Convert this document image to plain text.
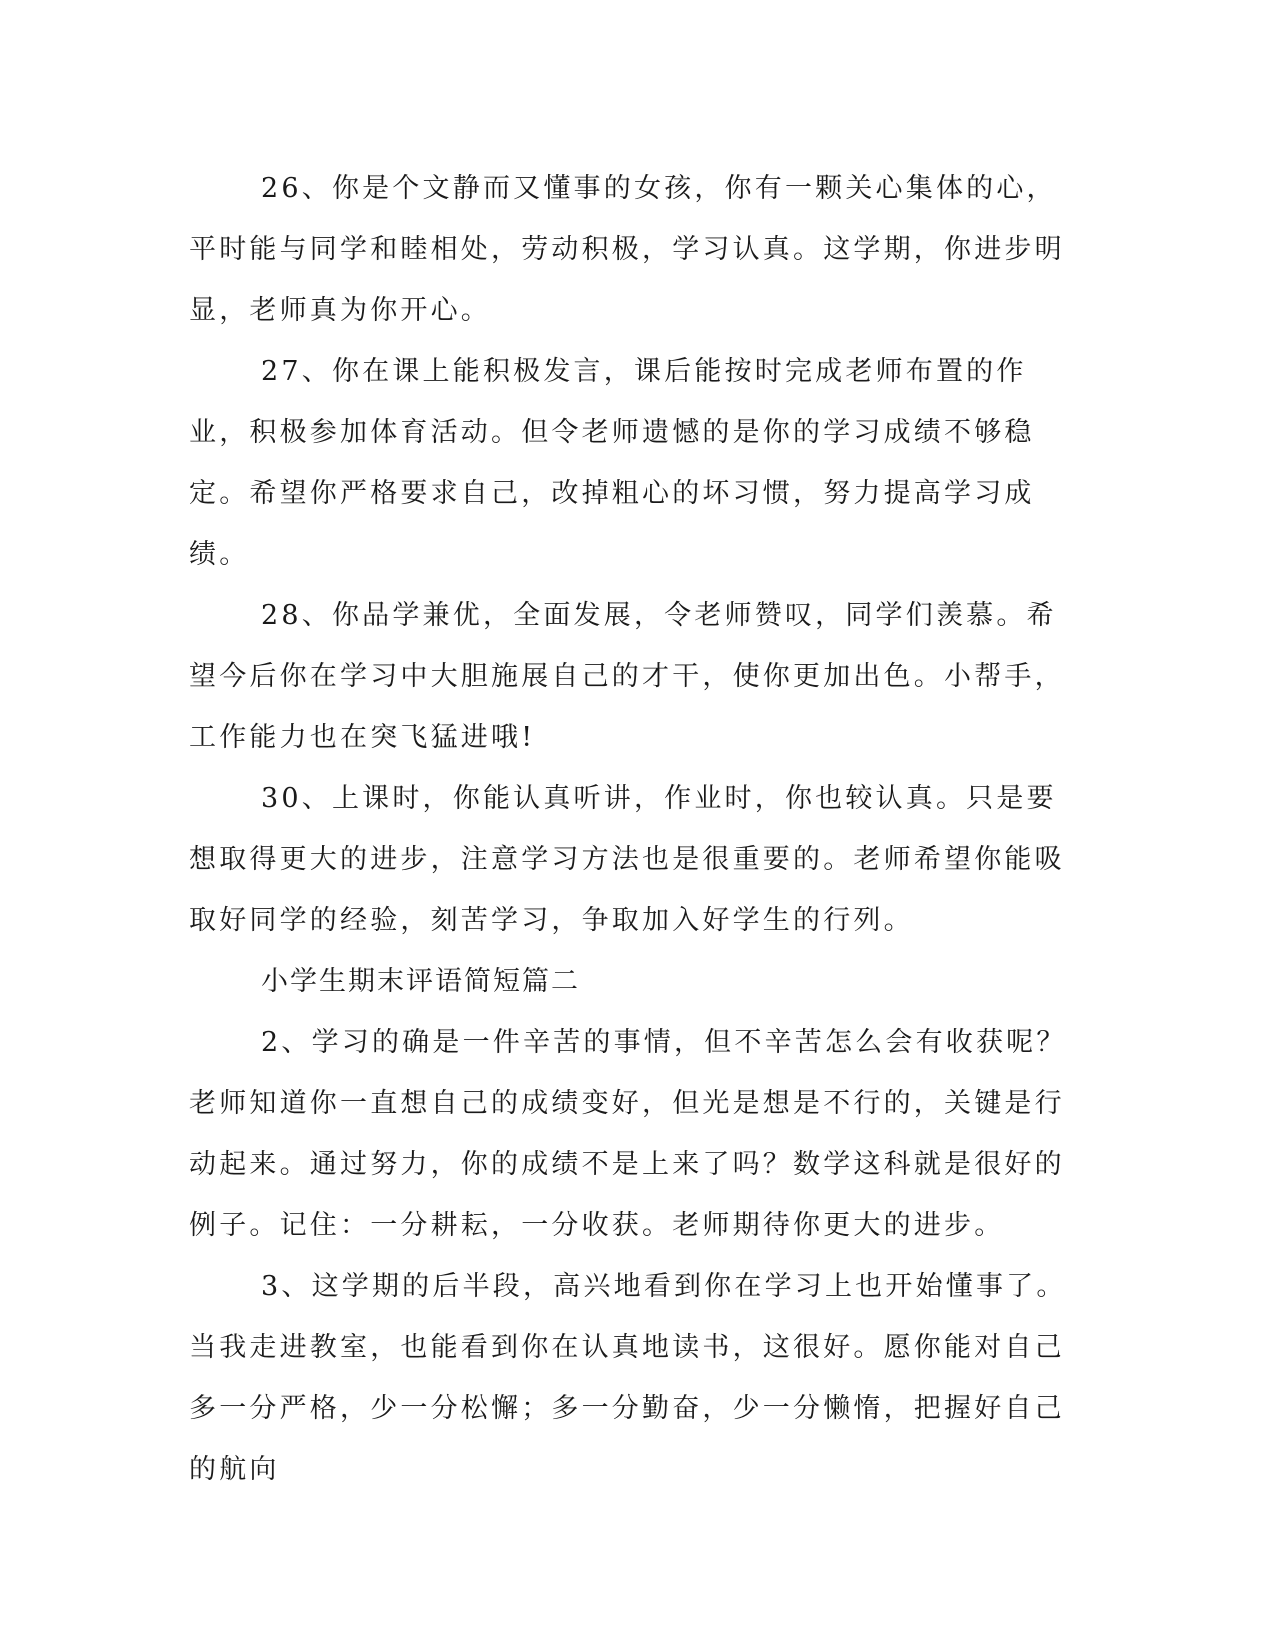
26、你是个文静而又懂事的女孩，你有一颗关心集体的心，平时能与同学和睦相处，劳动积极，学习认真。这学期，你进步明显，老师真为你开心。

27、你在课上能积极发言，课后能按时完成老师布置的作业，积极参加体育活动。但令老师遗憾的是你的学习成绩不够稳定。希望你严格要求自己，改掉粗心的坏习惯，努力提高学习成绩。

28、你品学兼优，全面发展，令老师赞叹，同学们羡慕。希望今后你在学习中大胆施展自己的才干，使你更加出色。小帮手，工作能力也在突飞猛进哦!

30、上课时，你能认真听讲，作业时，你也较认真。只是要想取得更大的进步，注意学习方法也是很重要的。老师希望你能吸取好同学的经验，刻苦学习，争取加入好学生的行列。

小学生期末评语简短篇二

2、学习的确是一件辛苦的事情，但不辛苦怎么会有收获呢？老师知道你一直想自己的成绩变好，但光是想是不行的，关键是行动起来。通过努力，你的成绩不是上来了吗？数学这科就是很好的例子。记住：一分耕耘，一分收获。老师期待你更大的进步。

3、这学期的后半段，高兴地看到你在学习上也开始懂事了。当我走进教室，也能看到你在认真地读书，这很好。愿你能对自己多一分严格，少一分松懈；多一分勤奋，少一分懒惰，把握好自己的航向
